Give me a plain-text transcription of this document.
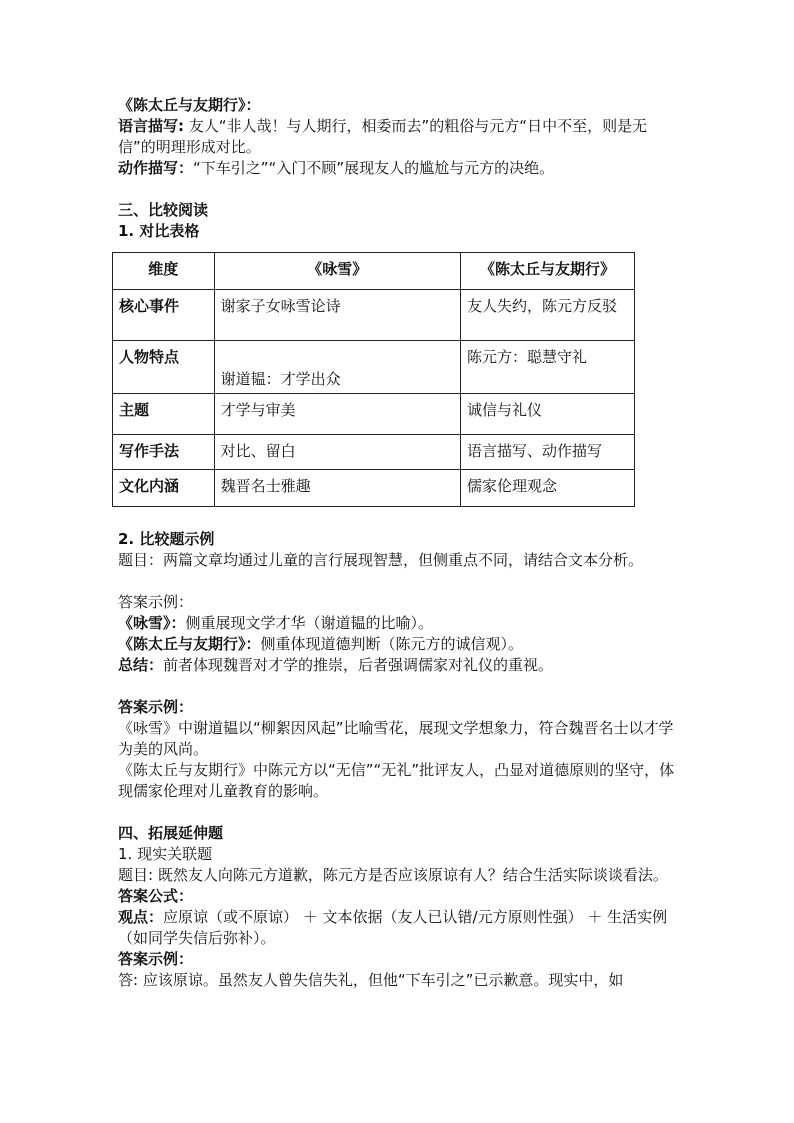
《陈太丘与友期行》：

语言描写: 友人“非人哉！与人期行，相委而去”的粗俗与元方“日中不至，则是无信”的明理形成对比。

动作描写：“下车引之”“入门不顾”展现友人的尴尬与元方的决绝。

三、比较阅读

1. 对比表格

维度	《咏雪》	《陈太丘与友期行》
核心事件	谢家子女咏雪论诗	友人失约，陈元方反驳
人物特点	谢道韫：才学出众	陈元方：聪慧守礼
主题	才学与审美	诚信与礼仪
写作手法	对比、留白	语言描写、动作描写
文化内涵	魏晋名士雅趣	儒家伦理观念

2. 比较题示例

题目：两篇文章均通过儿童的言行展现智慧，但侧重点不同，请结合文本分析。

答案示例：

《咏雪》：侧重展现文学才华（谢道韫的比喻）。

《陈太丘与友期行》：侧重体现道德判断（陈元方的诚信观）。

总结：前者体现魏晋对才学的推崇，后者强调儒家对礼仪的重视。

答案示例：

《咏雪》中谢道韫以“柳絮因风起”比喻雪花，展现文学想象力，符合魏晋名士以才学为美的风尚。

《陈太丘与友期行》中陈元方以“无信”“无礼”批评友人，凸显对道德原则的坚守，体现儒家伦理对儿童教育的影响。

四、拓展延伸题

1. 现实关联题

题目: 既然友人向陈元方道歉，陈元方是否应该原谅有人？结合生活实际谈谈看法。

答案公式：

观点：应原谅（或不原谅） ＋ 文本依据（友人已认错/元方原则性强） ＋ 生活实例（如同学失信后弥补）。

答案示例：

答: 应该原谅。虽然友人曾失信失礼，但他“下车引之”已示歉意。现实中，如
